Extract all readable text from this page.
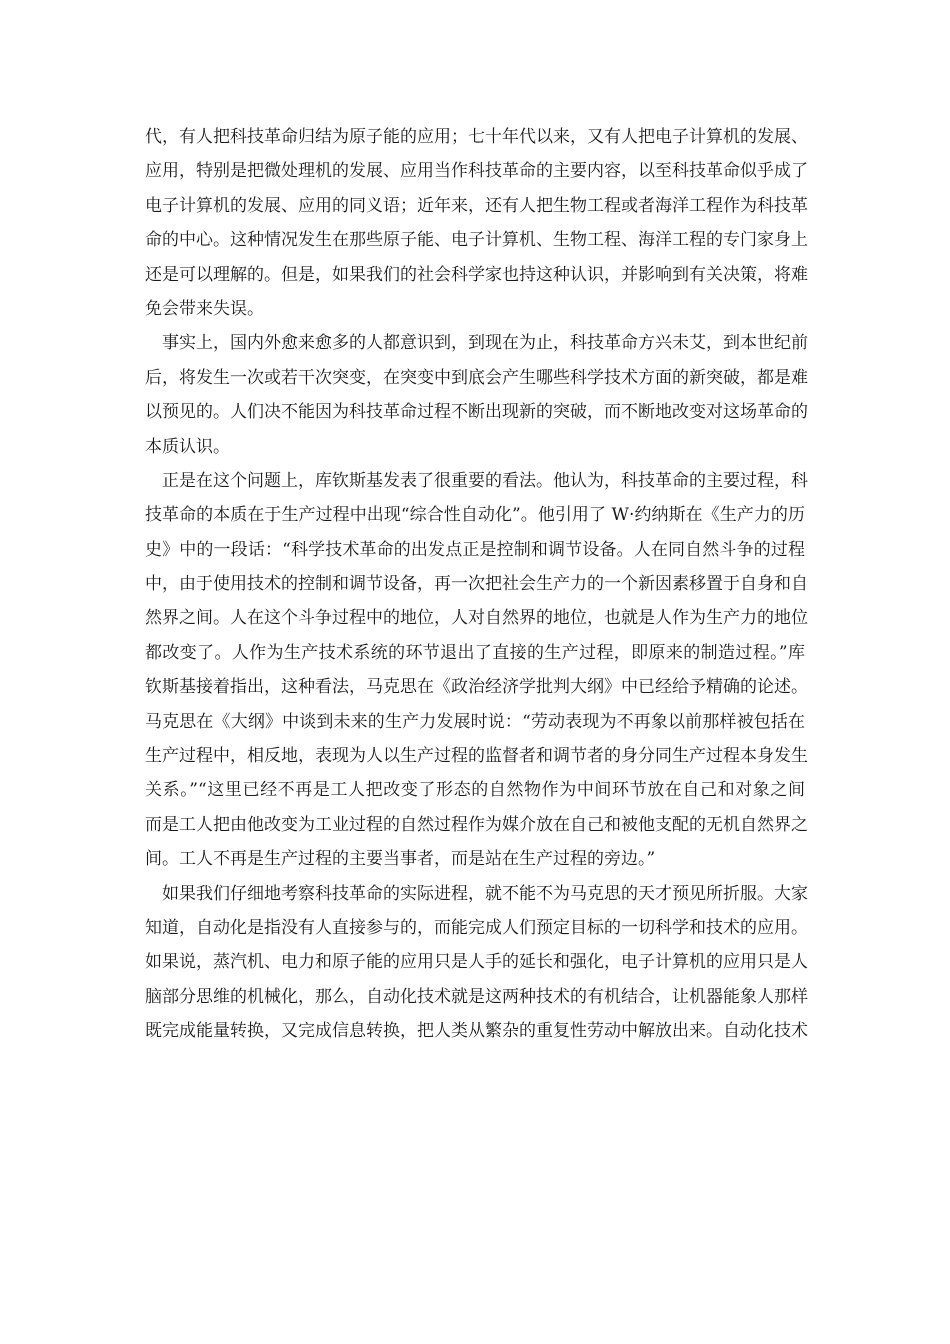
代，有人把科技革命归结为原子能的应用；七十年代以来，又有人把电子计算机的发展、
应用，特别是把微处理机的发展、应用当作科技革命的主要内容，以至科技革命似乎成了
电子计算机的发展、应用的同义语；近年来，还有人把生物工程或者海洋工程作为科技革
命的中心。这种情况发生在那些原子能、电子计算机、生物工程、海洋工程的专门家身上
还是可以理解的。但是，如果我们的社会科学家也持这种认识，并影响到有关决策，将难
免会带来失误。
事实上，国内外愈来愈多的人都意识到，到现在为止，科技革命方兴未艾，到本世纪前
后，将发生一次或若干次突变，在突变中到底会产生哪些科学技术方面的新突破，都是难
以预见的。人们决不能因为科技革命过程不断出现新的突破，而不断地改变对这场革命的
本质认识。
正是在这个问题上，库钦斯基发表了很重要的看法。他认为，科技革命的主要过程，科
技革命的本质在于生产过程中出现“综合性自动化”。他引用了 W·约纳斯在《生产力的历
史》中的一段话：“科学技术革命的出发点正是控制和调节设备。人在同自然斗争的过程
中，由于使用技术的控制和调节设备，再一次把社会生产力的一个新因素移置于自身和自
然界之间。人在这个斗争过程中的地位，人对自然界的地位，也就是人作为生产力的地位
都改变了。人作为生产技术系统的环节退出了直接的生产过程，即原来的制造过程。”库
钦斯基接着指出，这种看法，马克思在《政治经济学批判大纲》中已经给予精确的论述。
马克思在《大纲》中谈到未来的生产力发展时说：“劳动表现为不再象以前那样被包括在
生产过程中，相反地，表现为人以生产过程的监督者和调节者的身分同生产过程本身发生
关系。”“这里已经不再是工人把改变了形态的自然物作为中间环节放在自己和对象之间
而是工人把由他改变为工业过程的自然过程作为媒介放在自己和被他支配的无机自然界之
间。工人不再是生产过程的主要当事者，而是站在生产过程的旁边。”
如果我们仔细地考察科技革命的实际进程，就不能不为马克思的天才预见所折服。大家
知道，自动化是指没有人直接参与的，而能完成人们预定目标的一切科学和技术的应用。
如果说，蒸汽机、电力和原子能的应用只是人手的延长和强化，电子计算机的应用只是人
脑部分思维的机械化，那么，自动化技术就是这两种技术的有机结合，让机器能象人那样
既完成能量转换，又完成信息转换，把人类从繁杂的重复性劳动中解放出来。自动化技术
